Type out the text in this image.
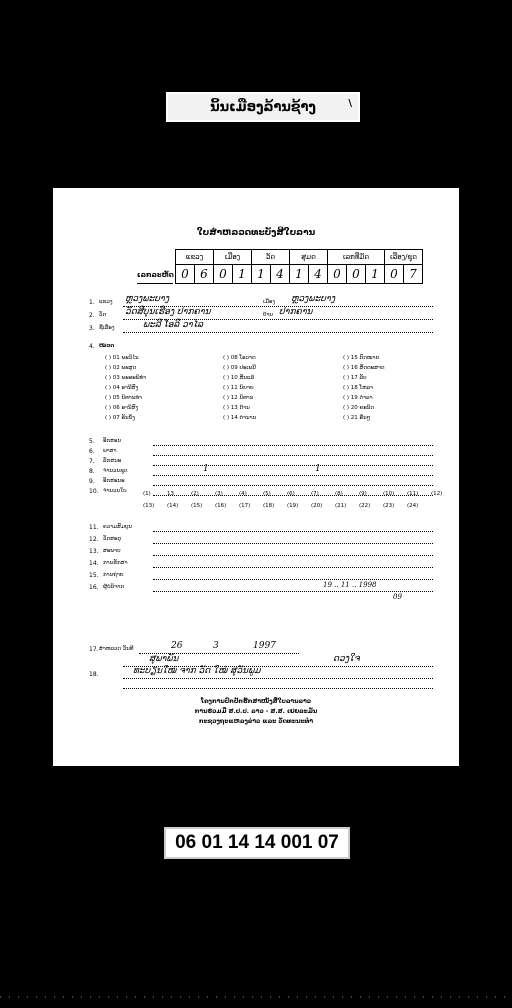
ນິ້ນເມືອງລ້ານຊ້າງ	\
ໃບສຳຫລວດທະບັງສີໃບລານ
ເລກລະຫັດ
ແຂວງ		ເມືອງ		ວັດ		ສຸມດ		ເລກທີ່ມັດ			ເລືອງ/ຊຸດ	
0	6	0	1	1	4	1	4	0	0	1	0	7
1. ແຂວງ ຫຼວງພະບາງ	ເມືອງ ຫຼວງພະບາງ
2. ວັດ ວັດສີບຸນເຮືອງ ປາກຄານ	ບ້ານ ປາກຄານ
3. ຊື່ເລື່ອງ	ພະລີ ໂອລິ ວາໄລ
4. ໝວດ
( ) 01 ພະວິໄນ
( ) 02 ພະສູດ
( ) 03 ພະອະພິທຳ
( ) 04 ອານີສົງ
( ) 05 ນິທານທຳ
( ) 06 ອານິສົງ
( ) 07 ອັນນຶ່ງ
( ) 08 ໂອວາດ
( ) 09 ປະເພນີ
( ) 10 ສັນແລ້
( ) 11 ນິຍາຍ
( ) 12 ນິທານ
( ) 13 ດ້ານ
( ) 14 ຕຳນານ
( ) 15 ກົດໝາຍ
( ) 16 ສັດຕະສາດ
( ) 17 ລັບ
( ) 18 ໂຫລາ
( ) 19 ຕຳລາ
( ) 20 ຄະນິດ
( ) 21 ອື່ນໆ
5. ອັກສອນ
6. ພາສາ
7. ລັກສນະ
8. ຈຳນວນຊຸດ
9. ອັກສະນະ
10. ຈຳນວນໃບ
1	1
(1)	13	(2)	(3)	(4)	(5)	(6)	(7)	(8)	(9)	(10) (11) (12)
(13) (14) (15) (16) (17) (18) (19) (20) (21) (22) (23) (24)
11. ຄວາມສົມບູນ
12. ວັດສະດຸ
13. ສະພາບ
14. ການຮັກສາ
15. ການຖ່າຍ
16. ຜູ້ບໍລິຈາກ	19 .. 11 .. 1998
09
17. ສຳຫລວດ ວັນທີ	26	3	1997
ສຸພາພັນ	ດວງໃຈ
18.	ທະບຽນໃໝ່ ຈາກ ວັດ ໃໝ່ ສຸວັນພູມ
ໂຄງການປົກປັກຮັກສາໜັງສືໃບລານລາວ
ການຮ່ວມມື ສ.ປ.ປ. ລາວ - ສ.ສ. ເຢຍລະມັນ
ກະຊວງຖະແຫລງຂ່າວ ແລະ ວັດທະນະທຳ
06 01 14 14 001 07
